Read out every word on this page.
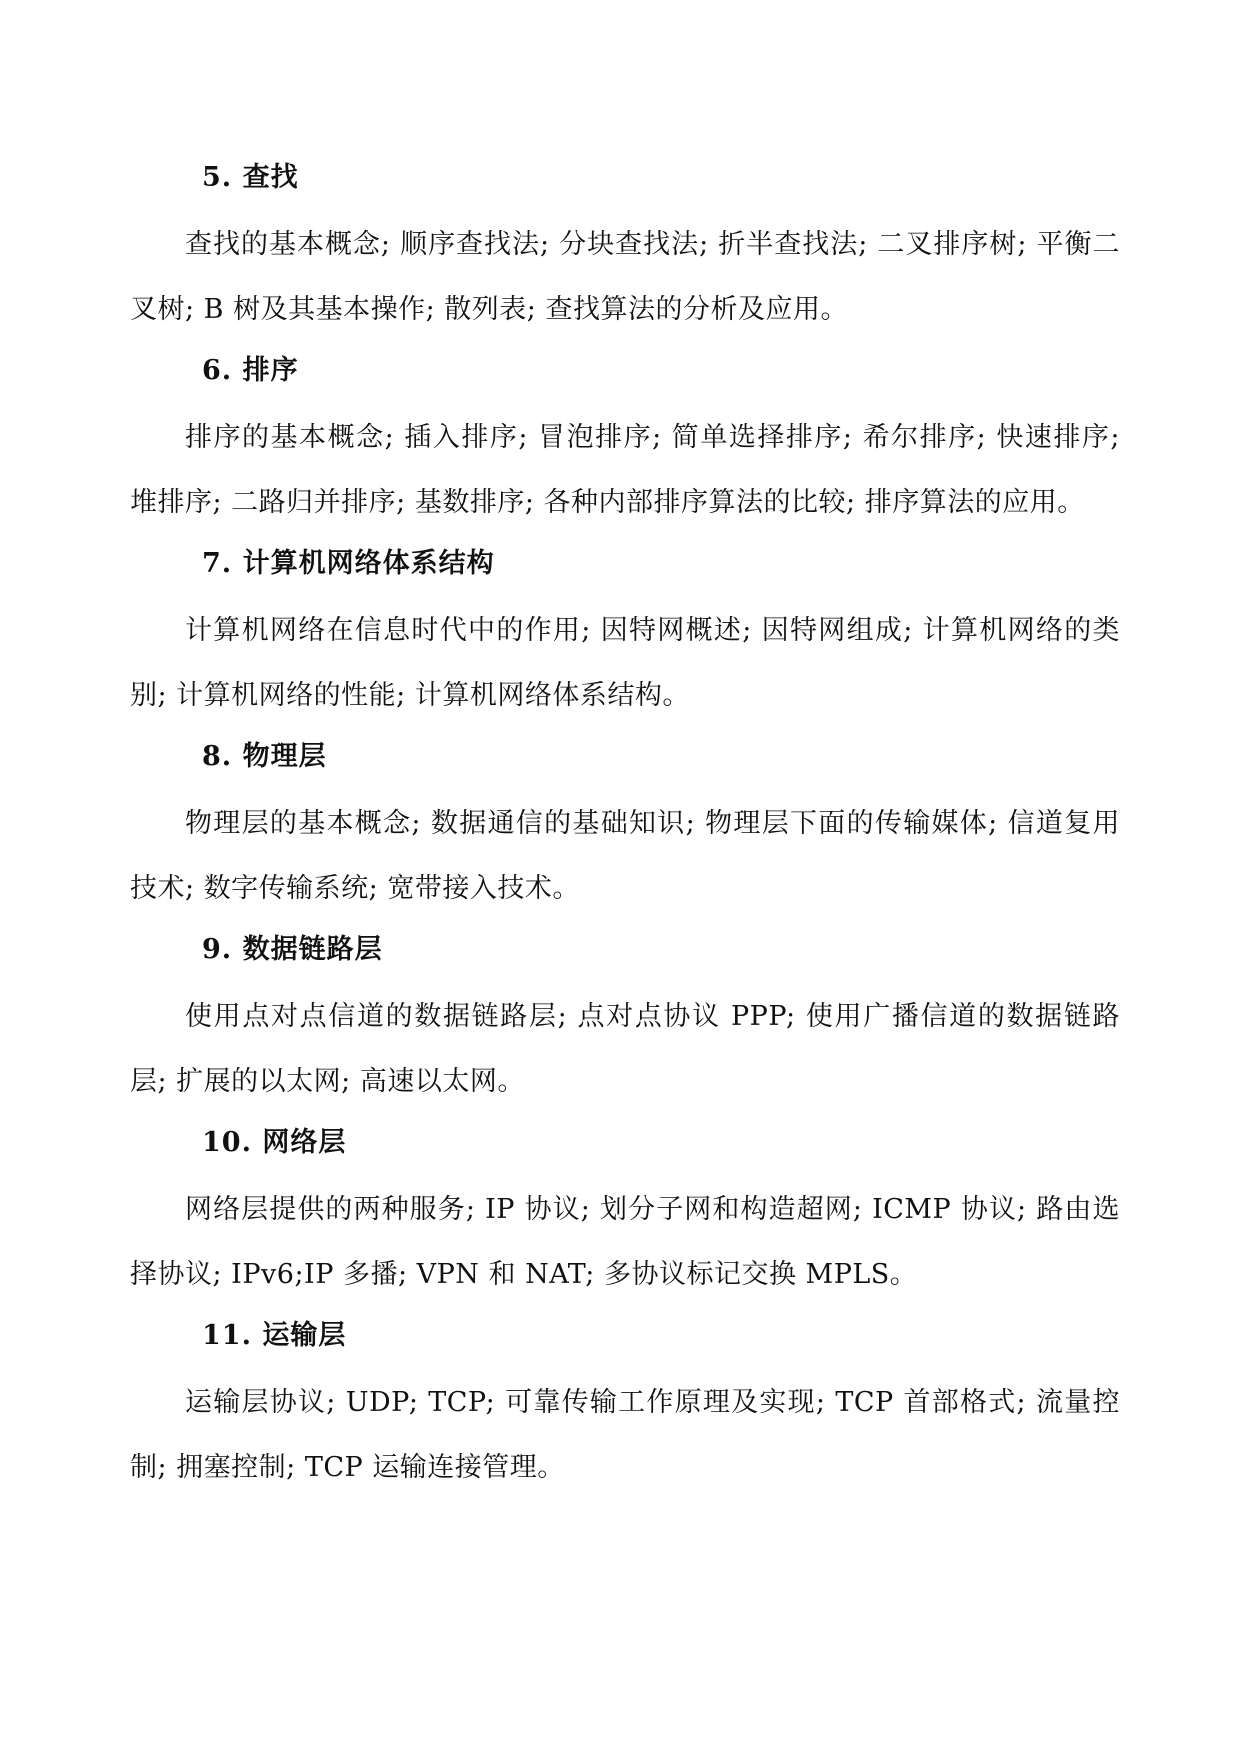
5. 查找

查找的基本概念; 顺序查找法; 分块查找法; 折半查找法; 二叉排序树; 平衡二叉树; B 树及其基本操作; 散列表; 查找算法的分析及应用。

6. 排序

排序的基本概念; 插入排序; 冒泡排序; 简单选择排序; 希尔排序; 快速排序; 堆排序; 二路归并排序; 基数排序; 各种内部排序算法的比较; 排序算法的应用。

7. 计算机网络体系结构

计算机网络在信息时代中的作用; 因特网概述; 因特网组成; 计算机网络的类别; 计算机网络的性能; 计算机网络体系结构。

8. 物理层

物理层的基本概念; 数据通信的基础知识; 物理层下面的传输媒体; 信道复用技术; 数字传输系统; 宽带接入技术。

9. 数据链路层

使用点对点信道的数据链路层; 点对点协议 PPP; 使用广播信道的数据链路层; 扩展的以太网; 高速以太网。

10. 网络层

网络层提供的两种服务; IP 协议; 划分子网和构造超网; ICMP 协议; 路由选择协议; IPv6;IP 多播; VPN 和 NAT; 多协议标记交换 MPLS。

11. 运输层

运输层协议; UDP; TCP; 可靠传输工作原理及实现; TCP 首部格式; 流量控制; 拥塞控制; TCP 运输连接管理。
